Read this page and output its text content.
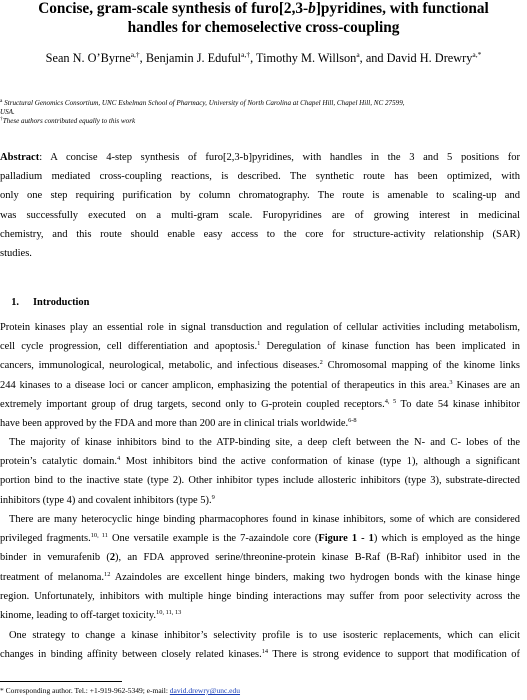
Concise, gram-scale synthesis of furo[2,3-b]pyridines, with functional
handles for chemoselective cross-coupling
Sean N. O’Byrne$^{a,\dagger}$, Benjamin J. Eduful$^{a,\dagger}$, Timothy M. Willson$^a$, and David H. Drewry$^{a,*}$
$^a$ Structural Genomics Consortium, UNC Eshelman School of Pharmacy, University of North Carolina at Chapel Hill, Chapel Hill, NC 27599,
USA.
†These authors contributed equally to this work
Abstract: A concise 4-step synthesis of furo[2,3-b]pyridines, with handles in the 3 and 5 positions for
palladium mediated cross-coupling reactions, is described. The synthetic route has been optimized, with
only one step requiring purification by column chromatography. The route is amenable to scaling-up and
was successfully executed on a multi-gram scale. Furopyridines are of growing interest in medicinal
chemistry, and this route should enable easy access to the core for structure-activity relationship (SAR)
studies.
1. Introduction
Protein kinases play an essential role in signal transduction and regulation of cellular activities including metabolism,
cell cycle progression, cell differentiation and apoptosis.$^1$ Deregulation of kinase function has been implicated in
cancers, immunological, neurological, metabolic, and infectious diseases.$^2$ Chromosomal mapping of the kinome links
244 kinases to a disease loci or cancer amplicon, emphasizing the potential of therapeutics in this area.$^3$ Kinases are an
extremely important group of drug targets, second only to G-protein coupled receptors.$^{4, 5}$ To date 54 kinase inhibitor
have been approved by the FDA and more than 200 are in clinical trials worldwide.$^{6-8}$
The majority of kinase inhibitors bind to the ATP-binding site, a deep cleft between the N- and C- lobes of the
protein’s catalytic domain.$^4$ Most inhibitors bind the active conformation of kinase (type 1), although a significant
portion bind to the inactive state (type 2). Other inhibitor types include allosteric inhibitors (type 3), substrate-directed
inhibitors (type 4) and covalent inhibitors (type 5).$^9$
There are many heterocyclic hinge binding pharmacophores found in kinase inhibitors, some of which are considered
privileged fragments.$^{10, 11}$ One versatile example is the 7-azaindole core (Figure 1 - 1) which is employed as the hinge
binder in vemurafenib (2), an FDA approved serine/threonine-protein kinase B-Raf (B-Raf) inhibitor used in the
treatment of melanoma.$^{12}$ Azaindoles are excellent hinge binders, making two hydrogen bonds with the kinase hinge
region. Unfortunately, inhibitors with multiple hinge binding interactions may suffer from poor selectivity across the
kinome, leading to off-target toxicity.$^{10, 11, 13}$
One strategy to change a kinase inhibitor’s selectivity profile is to use isosteric replacements, which can elicit
changes in binding affinity between closely related kinases.$^{14}$ There is strong evidence to support that modification of
* Corresponding author. Tel.: +1-919-962-5349; e-mail: david.drewry@unc.edu
